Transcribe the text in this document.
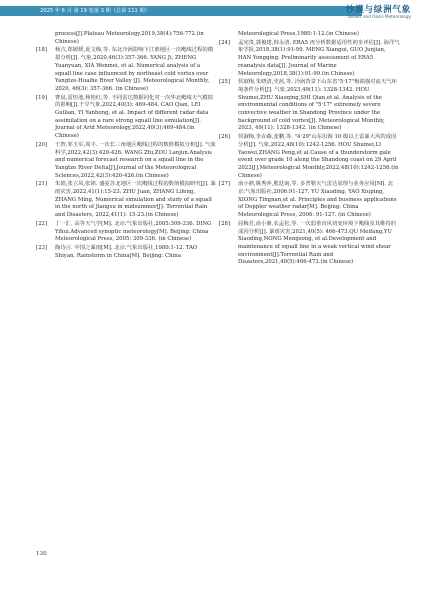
2025 年 6 月 第 19 卷第 3 期（总第 111 期）	沙漠与绿洲气象
Desert and Oasis Meteorology
process[J].Plateau Meteorology,2019,38(4):756-772.(in Chinese)
[18]	杨吉,郑媛媛,夏文梅,等. 东北冷涡影响下江淮地区一次飑线过程的模拟分析[J]. 气象,2020,46(3):357-366. YANG Ji, ZHENG Yuanyuan, XIA Wenmei, et al. Numerical analysis of a squall line case influenced by northeast cold vortex over Yangtze-Huaihe River Valley [J]. Meteorological Monthly, 2020, 46(3): 357-366. (in Chinese)
[19]	曹晨,雷恒池,杨艳红,等. 不同雷达数据同化对一次华北飑线天气模拟的影响[J].干旱气象,2022,40(3): 469-484. CAO Qian, LEI Guilian, YI Yanhong, et al. Impact of different radar data assimilation on a rare strong squall line simulation[J]. Journal of Arid Meteorology,2022,40(3):469-484.(in Chinese)
[20]	王智,邹玉军,周丰. 一次长三角地区飑线过程的数值模拟分析[J]. 气象科学,2022,42(3):420-426. WANG Zhi,ZOU Lanjun.Analysis and numerical forecast research on a squall line in the Yangtze River Delta[J].Journal of the Meteorological Sciences,2022,42(3):420-426.(in Chinese)
[21]	朱娟,张立凤,张铭. 盛夏苏北地区一次飑线过程的数值模拟研究[J]. 暴雨灾害,2022,41(1):15-23. ZHU Juan, ZHANG Lifeng, ZHANG Ming. Numerical simulation and study of a squall in the north of Jiangsu in midsummer[J]. Torrential Rain and Disasters, 2022,41(1): 15-23.(in Chinese)
[22]	丁一汇. 高等天气学[M]. 北京:气象出版社,2005:309-336. DING Yihui.Advanced synoptic meteorology[M]. Beijing: China Meteorological Press, 2005: 309-336. (in Chinese)
[23]	陶诗言. 中国之暴雨[M]. 北京:气象出版社,1980:1-12. TAO Shiyan. Rainstorm in China[M]. Beijing: China
Meteorological Press,1980:1-12.(in Chinese)
[24]	孟宪贵,郭俊建,韩永清. ERA5 再分析数据适用性初步评估[J]. 海洋气象学报,2018,38(1):91-99. MENG Xiangui, GUO Junjian, HAN Yongqing. Preliminarily assessment of ERA5 reanalysis data[J]. Journal of Marine Meteorology,2018,38(1):91-99.(in Chinese)
[25]	侯淑梅,朱晓清,史茜,等. 冷涡背景下山东省"5·17"极端强对流天气环境条件分析[J]. 气象,2023,49(11): 1328-1342. HOU Shumei,ZHU Xiaoqing,SHI Qian,et al. Analysis of the environmental conditions of "5·17" extremely severe convective weather in Shandong Province under the background of cold vortex[J]. Meteorological Monthly, 2023, 49(11): 1328-1342. (in Chinese)
[26]	侯淑梅,李垚森,张鹏,等. "4·29"山东沿海 10 级以上雷暴大风的成因分析[J]. 气象,2022,48(10):1242-1256. HOU Shumei,LI Yaowei,ZHANG Peng,et al.Cause of a thunderstorm gale event over grade 10 along the Shandong coast on 29 April 2022[J].Meteorological Monthly,2022,48(10):1242-1256.(in Chinese)
[27]	俞小鼎,姚秀萍,熊廷南,等. 多普勒天气雷达原理与业务应用[M]. 北京:气象出版社,2006:91-127. YU Xiaoding, YAO Xiuping, XIONG Tingnan,et al. Principles and business applications of Doppler weather radar[M]. Beijing: China Meteorological Press, 2006: 91-127. (in Chinese)
[28]	屈梅芳,俞小鼎,农孟松,等. 一次弱垂直风切变环境下飑线及其维持的成因分析[J]. 暴雨灾害,2021,40(5): 466-473.QU Meifang,YU Xiaoding,NONG Mengsong, et al.Development and maintenance of squall line in a weak vertical wind shear environment[J].Torrential Rain and Disasters,2021,40(5):466-473.(in Chinese)
130
